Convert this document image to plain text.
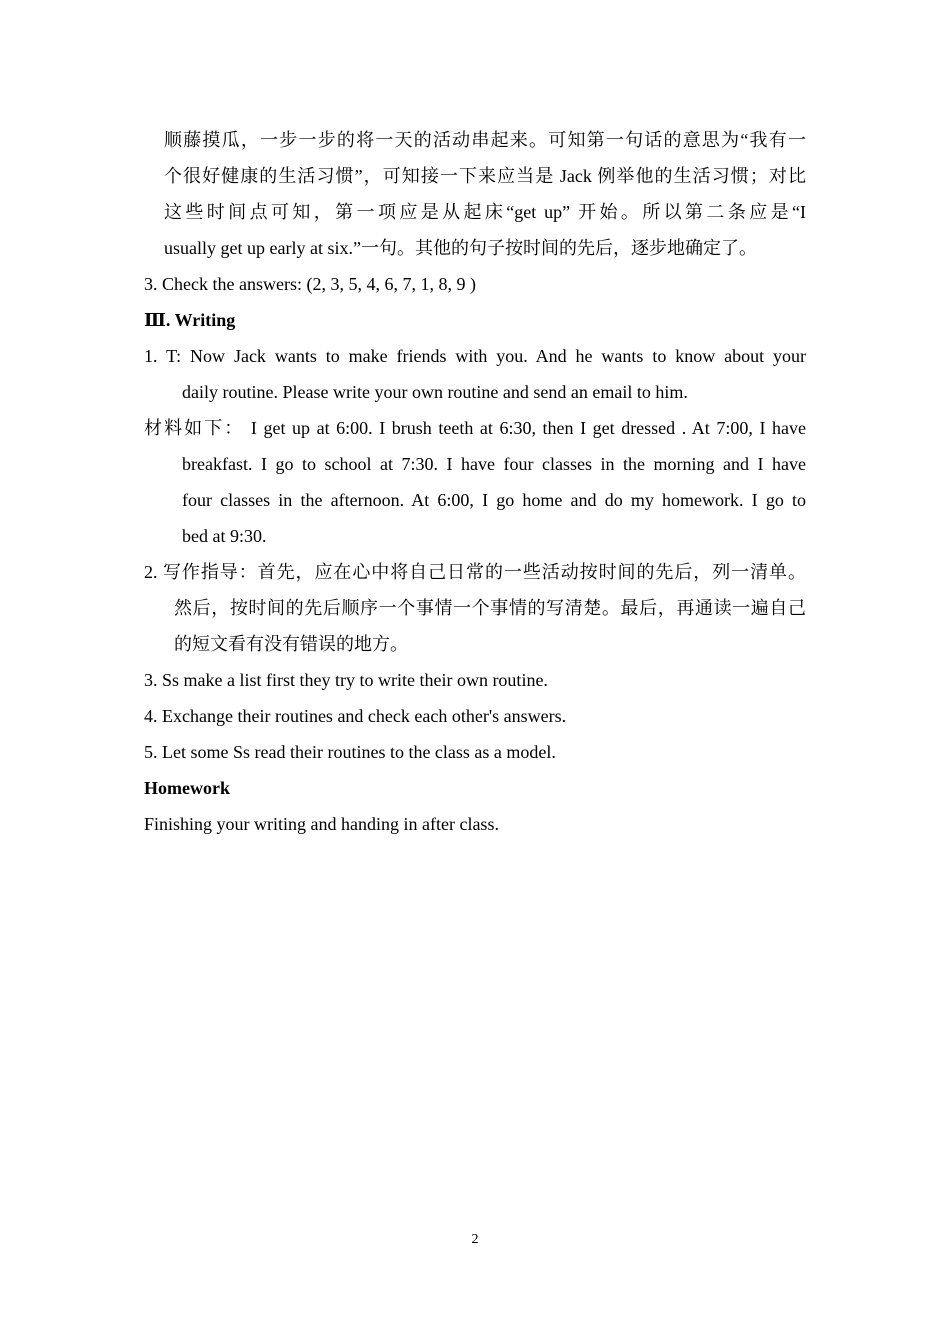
顺藤摸瓜，一步一步的将一天的活动串起来。可知第一句话的意思为“我有一
个很好健康的生活习惯”，可知接一下来应当是 Jack 例举他的生活习惯；对比
这些时间点可知，第一项应是从起床“get up” 开始。所以第二条应是“I
usually get up early at six.”一句。其他的句子按时间的先后，逐步地确定了。
3. Check the answers: (2, 3, 5, 4, 6, 7, 1, 8, 9 )
Ⅲ. Writing
1. T: Now Jack wants to make friends with you. And he wants to know about your
daily routine. Please write your own routine and send an email to him.
材料如下： I get up at 6:00. I brush teeth at 6:30, then I get dressed . At 7:00, I have
breakfast. I go to school at 7:30. I have four classes in the morning and I have
four classes in the afternoon. At 6:00, I go home and do my homework. I go to
bed at 9:30.
2. 写作指导：首先，应在心中将自己日常的一些活动按时间的先后，列一清单。
然后，按时间的先后顺序一个事情一个事情的写清楚。最后，再通读一遍自己
的短文看有没有错误的地方。
3. Ss make a list first they try to write their own routine.
4. Exchange their routines and check each other's answers.
5. Let some Ss read their routines to the class as a model.
Homework
Finishing your writing and handing in after class.
2
